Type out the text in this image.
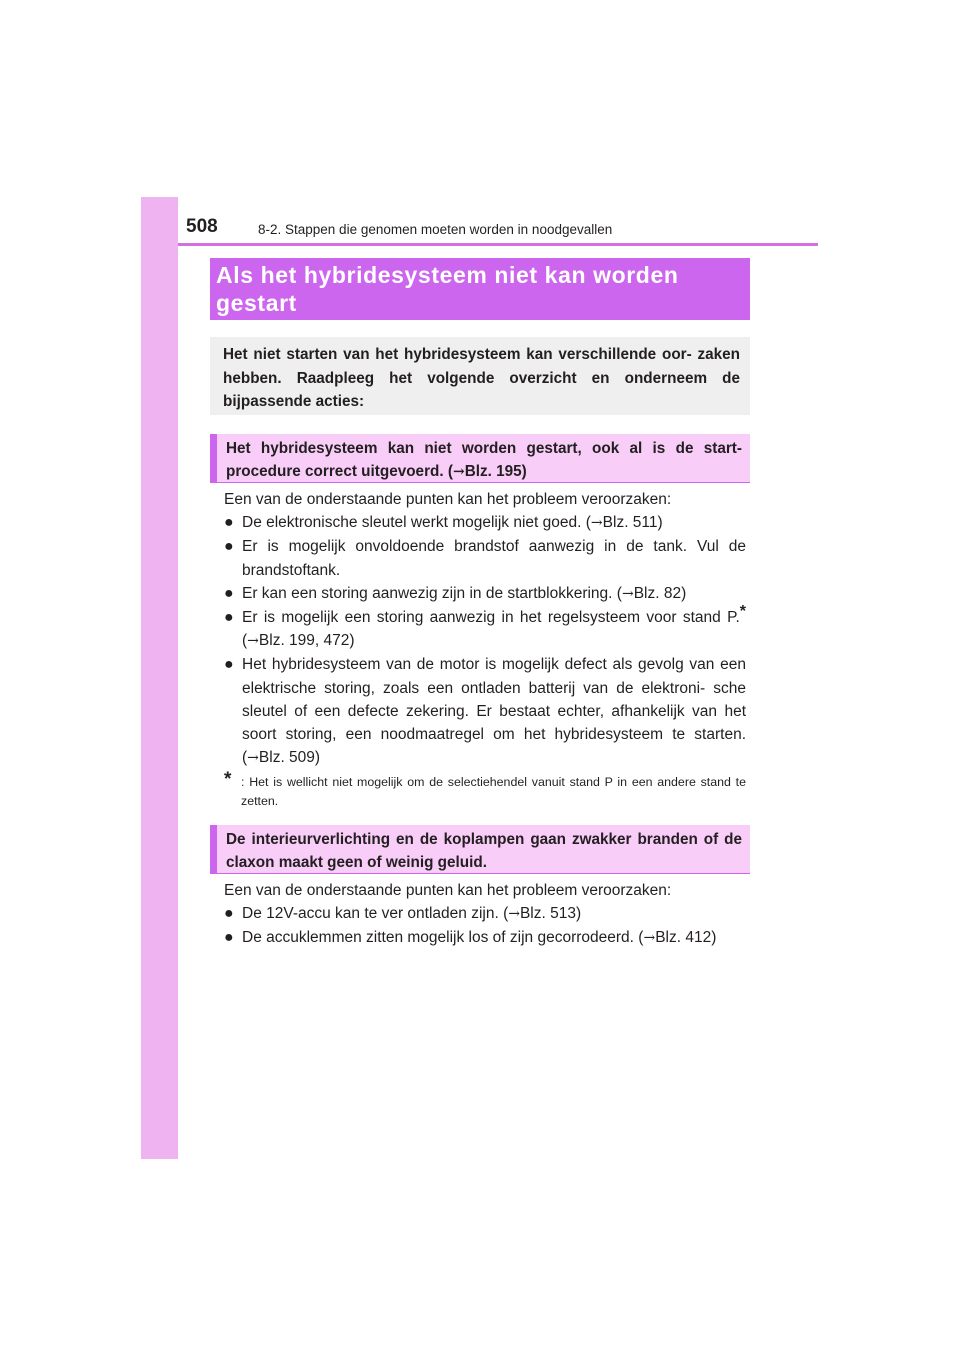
508	8-2. Stappen die genomen moeten worden in noodgevallen
Als het hybridesysteem niet kan worden gestart
Het niet starten van het hybridesysteem kan verschillende oor- zaken hebben. Raadpleeg het volgende overzicht en onderneem de bijpassende acties:
Het hybridesysteem kan niet worden gestart, ook al is de start- procedure correct uitgevoerd. (→Blz. 195)
Een van de onderstaande punten kan het probleem veroorzaken:
● De elektronische sleutel werkt mogelijk niet goed. (→Blz. 511)
● Er is mogelijk onvoldoende brandstof aanwezig in de tank. Vul de brandstoftank.
● Er kan een storing aanwezig zijn in de startblokkering. (→Blz. 82)
● Er is mogelijk een storing aanwezig in het regelsysteem voor stand P.* (→Blz. 199, 472)
● Het hybridesysteem van de motor is mogelijk defect als gevolg van een elektrische storing, zoals een ontladen batterij van de elektroni- sche sleutel of een defecte zekering. Er bestaat echter, afhankelijk van het soort storing, een noodmaatregel om het hybridesysteem te starten. (→Blz. 509)
* : Het is wellicht niet mogelijk om de selectiehendel vanuit stand P in een andere stand te zetten.
De interieurverlichting en de koplampen gaan zwakker branden of de claxon maakt geen of weinig geluid.
Een van de onderstaande punten kan het probleem veroorzaken:
● De 12V-accu kan te ver ontladen zijn. (→Blz. 513)
● De accuklemmen zitten mogelijk los of zijn gecorrodeerd. (→Blz. 412)
